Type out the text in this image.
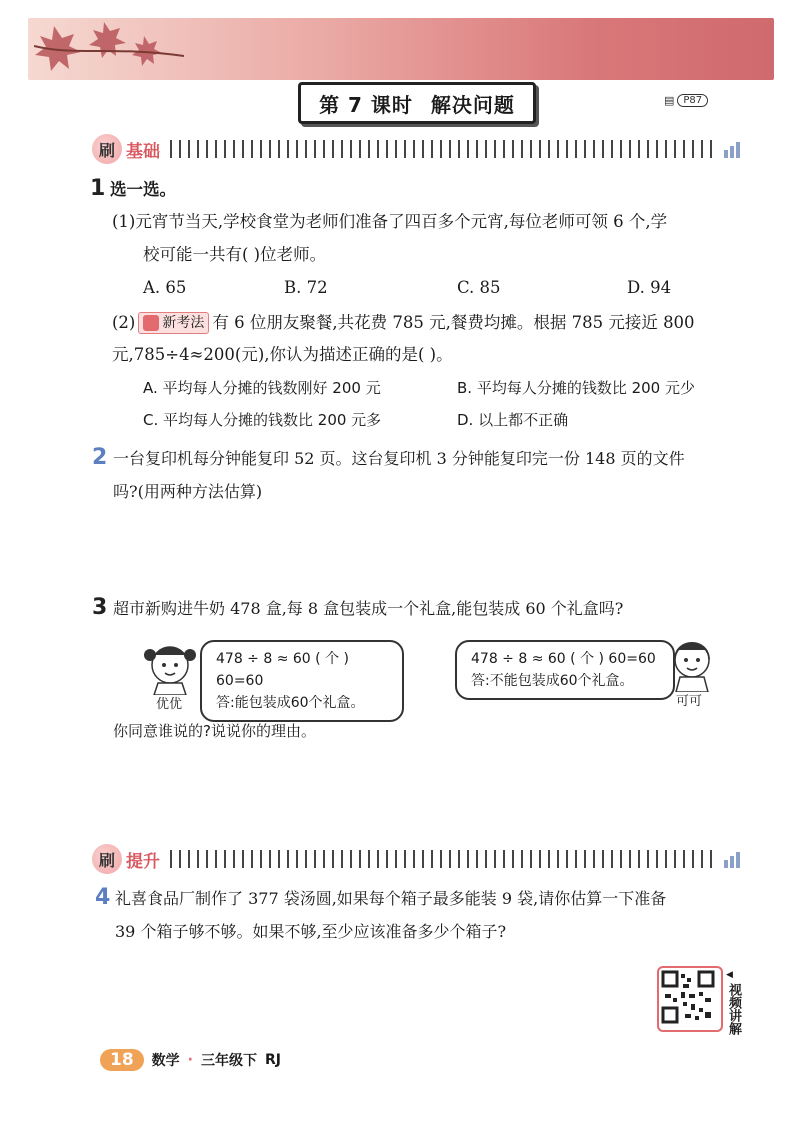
第 7 课时 解决问题	▤ P87
刷 基础
1 选一选。
(1)元宵节当天,学校食堂为老师们准备了四百多个元宵,每位老师可领 6 个,学
校可能一共有( )位老师。
A. 65	B. 72	C. 85	D. 94
(2) 新考法 有 6 位朋友聚餐,共花费 785 元,餐费均摊。根据 785 元接近 800
元,785÷4≈200(元),你认为描述正确的是( )。
A. 平均每人分摊的钱数刚好 200 元	B. 平均每人分摊的钱数比 200 元少
C. 平均每人分摊的钱数比 200 元多	D. 以上都不正确
2 一台复印机每分钟能复印 52 页。这台复印机 3 分钟能复印完一份 148 页的文件
吗?(用两种方法估算)
3 超市新购进牛奶 478 盒,每 8 盒包装成一个礼盒,能包装成 60 个礼盒吗?
优优
478 ÷ 8 ≈ 60 ( 个 ) 60=60
答:能包装成60个礼盒。
478 ÷ 8 ≈ 60 ( 个 ) 60=60
答:不能包装成60个礼盒。
可可
你同意谁说的?说说你的理由。
刷 提升
4 礼喜食品厂制作了 377 袋汤圆,如果每个箱子最多能装 9 袋,请你估算一下准备
39 个箱子够不够。如果不够,至少应该准备多少个箱子?
◀
视频讲解
18	数学 · 三年级下 RJ
